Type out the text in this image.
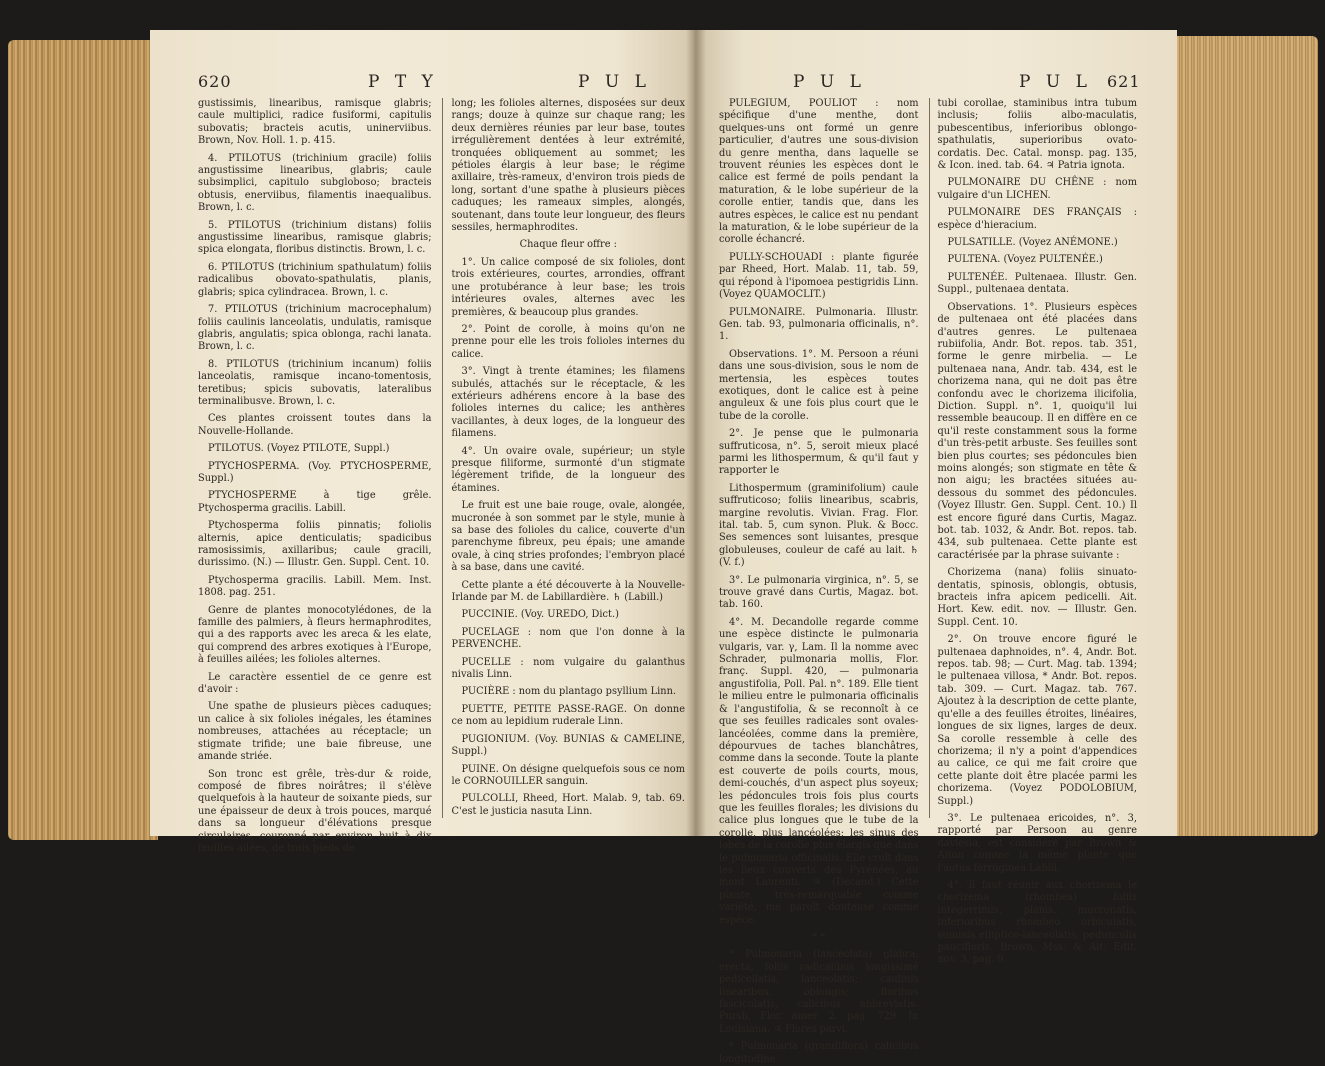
620	P T Y	P U L

gustissimis, linearibus, ramisque glabris; caule multiplici, radice fusiformi, capitulis subovatis; bracteis acutis, uninerviibus. Brown, Nov. Holl. 1. p. 415.

4. PTILOTUS (trichinium gracile) foliis angustissime linearibus, glabris; caule subsimplici, capitulo subgloboso; bracteis obtusis, enerviibus, filamentis inaequalibus. Brown, l. c.

5. PTILOTUS (trichinium distans) foliis angustissime linearibus, ramisque glabris; spica elongata, floribus distinctis. Brown, l. c.

6. PTILOTUS (trichinium spathulatum) foliis radicalibus obovato-spathulatis, planis, glabris; spica cylindracea. Brown, l. c.

7. PTILOTUS (trichinium macrocephalum) foliis caulinis lanceolatis, undulatis, ramisque glabris, angulatis; spica oblonga, rachi lanata. Brown, l. c.

8. PTILOTUS (trichinium incanum) foliis lanceolatis, ramisque incano-tomentosis, teretibus; spicis subovatis, lateralibus terminalibusve. Brown, l. c.

Ces plantes croissent toutes dans la Nouvelle-Hollande.

PTILOTUS. (Voyez PTILOTE, Suppl.)

PTYCHOSPERMA. (Voy. PTYCHOSPERME, Suppl.)

PTYCHOSPERME à tige grêle. Ptychosperma gracilis. Labill.

Ptychosperma foliis pinnatis; foliolis alternis, apice denticulatis; spadicibus ramosissimis, axillaribus; caule gracili, durissimo. (N.) — Illustr. Gen. Suppl. Cent. 10.

Ptychosperma gracilis. Labill. Mem. Inst. 1808. pag. 251.

Genre de plantes monocotylédones, de la famille des palmiers, à fleurs hermaphrodites, qui a des rapports avec les areca & les elate, qui comprend des arbres exotiques à l'Europe, à feuilles ailées; les folioles alternes.

Le caractère essentiel de ce genre est d'avoir :

Une spathe de plusieurs pièces caduques; un calice à six folioles inégales, les étamines nombreuses, attachées au réceptacle; un stigmate trifide; une baie fibreuse, une amande striée.

Son tronc est grêle, très-dur & roide, composé de fibres noirâtres; il s'élève quelquefois à la hauteur de soixante pieds, sur une épaisseur de deux à trois pouces, marqué dans sa longueur d'élévations presque circulaires, couronné par environ huit à dix feuilles ailées, de trois pieds de

long; les folioles alternes, disposées sur deux rangs; douze à quinze sur chaque rang; les deux dernières réunies par leur base, toutes irrégulièrement dentées à leur extrémité, tronquées obliquement au sommet; les pétioles élargis à leur base; le régime axillaire, très-rameux, d'environ trois pieds de long, sortant d'une spathe à plusieurs pièces caduques; les rameaux simples, alongés, soutenant, dans toute leur longueur, des fleurs sessiles, hermaphrodites.

Chaque fleur offre :

1°. Un calice composé de six folioles, dont trois extérieures, courtes, arrondies, offrant une protubérance à leur base; les trois intérieures ovales, alternes avec les premières, & beaucoup plus grandes.

2°. Point de corolle, à moins qu'on ne prenne pour elle les trois folioles internes du calice.

3°. Vingt à trente étamines; les filamens subulés, attachés sur le réceptacle, & les extérieurs adhérens encore à la base des folioles internes du calice; les anthères vacillantes, à deux loges, de la longueur des filamens.

4°. Un ovaire ovale, supérieur; un style presque filiforme, surmonté d'un stigmate légèrement trifide, de la longueur des étamines.

Le fruit est une baie rouge, ovale, alongée, mucronée à son sommet par le style, munie à sa base des folioles du calice, couverte d'un parenchyme fibreux, peu épais; une amande ovale, à cinq stries profondes; l'embryon placé à sa base, dans une cavité.

Cette plante a été découverte à la Nouvelle-Irlande par M. de Labillardière. ♄ (Labill.)

PUCCINIE. (Voy. UREDO, Dict.)

PUCELAGE : nom que l'on donne à la PERVENCHE.

PUCELLE : nom vulgaire du galanthus nivalis Linn.

PUCIÈRE : nom du plantago psyllium Linn.

PUETTE, PETITE PASSE-RAGE. On donne ce nom au lepidium ruderale Linn.

PUGIONIUM. (Voy. BUNIAS & CAMELINE, Suppl.)

PUINE. On désigne quelquefois sous ce nom le CORNOUILLER sanguin.

PULCOLLI, Rheed, Hort. Malab. 9, tab. 69. C'est le justicia nasuta Linn.

P U L	P U L 621

PULEGIUM, POULIOT : nom spécifique d'une menthe, dont quelques-uns ont formé un genre particulier, d'autres une sous-division du genre mentha, dans laquelle se trouvent réunies les espèces dont le calice est fermé de poils pendant la maturation, & le lobe supérieur de la corolle entier, tandis que, dans les autres espèces, le calice est nu pendant la maturation, & le lobe supérieur de la corolle échancré.

PULLY-SCHOUADI : plante figurée par Rheed, Hort. Malab. 11, tab. 59, qui répond à l'ipomoea pestigridis Linn. (Voyez QUAMOCLIT.)

PULMONAIRE. Pulmonaria. Illustr. Gen. tab. 93, pulmonaria officinalis, n°. 1.

Observations. 1°. M. Persoon a réuni dans une sous-division, sous le nom de mertensia, les espèces toutes exotiques, dont le calice est à peine anguleux & une fois plus court que le tube de la corolle.

2°. Je pense que le pulmonaria suffruticosa, n°. 5, seroit mieux placé parmi les lithospermum, & qu'il faut y rapporter le

Lithospermum (graminifolium) caule suffruticoso; foliis linearibus, scabris, margine revolutis. Vivian. Frag. Flor. ital. tab. 5, cum synon. Pluk. & Bocc. Ses semences sont luisantes, presque globuleuses, couleur de café au lait. ♄ (V. f.)

3°. Le pulmonaria virginica, n°. 5, se trouve gravé dans Curtis, Magaz. bot. tab. 160.

4°. M. Decandolle regarde comme une espèce distincte le pulmonaria vulgaris, var. γ, Lam. Il la nomme avec Schrader, pulmonaria mollis, Flor. franç. Suppl. 420, — pulmonaria angustifolia, Poll. Pal. n°. 189. Elle tient le milieu entre le pulmonaria officinalis & l'angustifolia, & se reconnoît à ce que ses feuilles radicales sont ovales-lancéolées, comme dans la première, dépourvues de taches blanchâtres, comme dans la seconde. Toute la plante est couverte de poils courts, mous, demi-couchés, d'un aspect plus soyeux; les pédoncules trois fois plus courts que les feuilles florales; les divisions du calice plus longues que le tube de la corolle, plus lancéolées; les sinus des lobes de la corolle plus élargis que dans le pulmonaria officinalis. Elle croît dans les lieux couverts des Pyrénées, au mont Laurenti. ♃ (Decand.) Cette plante, très-remarquable comme variété, me paroît douteuse comme espèce.

* *

* Pulmonaria (lanceolata) glabra, erecta, foliis radicalibus longissimè pedicellatis, lanceolatis; caulinis linearibus, oblongis; floribus fasciculatis, calicibus abbreviatis. Pursh, Flor. amer. 2. pag. 729. In Louisiana. ♃ Flores parvi.

* Pulmonaria (grandiflora) calicibus longitudine

tubi corollae, staminibus intra tubum inclusis; foliis albo-maculatis, pubescentibus, inferioribus oblongo-spathulatis, superioribus ovato-cordatis. Dec. Catal. monsp. pag. 135, & Icon. ined. tab. 64. ♃ Patria ignota.

PULMONAIRE DU CHÊNE : nom vulgaire d'un LICHEN.

PULMONAIRE DES FRANÇAIS : espèce d'hieracium.

PULSATILLE. (Voyez ANÉMONE.)

PULTENA. (Voyez PULTENÉE.)

PULTENÉE. Pultenaea. Illustr. Gen. Suppl., pultenaea dentata.

Observations. 1°. Plusieurs espèces de pultenaea ont été placées dans d'autres genres. Le pultenaea rubiifolia, Andr. Bot. repos. tab. 351, forme le genre mirbelia. — Le pultenaea nana, Andr. tab. 434, est le chorizema nana, qui ne doit pas être confondu avec le chorizema ilicifolia, Diction. Suppl. n°. 1, quoiqu'il lui ressemble beaucoup. Il en diffère en ce qu'il reste constamment sous la forme d'un très-petit arbuste. Ses feuilles sont bien plus courtes; ses pédoncules bien moins alongés; son stigmate en tête & non aigu; les bractées situées au-dessous du sommet des pédoncules. (Voyez Illustr. Gen. Suppl. Cent. 10.) Il est encore figuré dans Curtis, Magaz. bot. tab. 1032, & Andr. Bot. repos. tab. 434, sub pultenaea. Cette plante est caractérisée par la phrase suivante :

Chorizema (nana) foliis sinuato-dentatis, spinosis, oblongis, obtusis, bracteis infra apicem pedicelli. Ait. Hort. Kew. edit. nov. — Illustr. Gen. Suppl. Cent. 10.

2°. On trouve encore figuré le pultenaea daphnoides, n°. 4, Andr. Bot. repos. tab. 98; — Curt. Mag. tab. 1394; le pultenaea villosa, * Andr. Bot. repos. tab. 309. — Curt. Magaz. tab. 767. Ajoutez à la description de cette plante, qu'elle a des feuilles étroites, linéaires, longues de six lignes, larges de deux. Sa corolle ressemble à celle des chorizema; il n'y a point d'appendices au calice, ce qui me fait croire que cette plante doit être placée parmi les chorizema. (Voyez PODOLOBIUM, Suppl.)

3°. Le pultenaea ericoides, n°. 3, rapporté par Persoon au genre daviesia, est considéré par Brown & Aiton comme la même plante que l'aotus ferruginea Labill.

4°. Il faut réunir aux chorizema le chorizema (rhombea) foliis integerrimis, planis, mucronatis, inferioribus rhombeo orbiculatis, summis elliptico-lanceolatis; pedunculis paucifloris. Brown, Mss. & Ait. Edit. nov. 3. pag. 9.
